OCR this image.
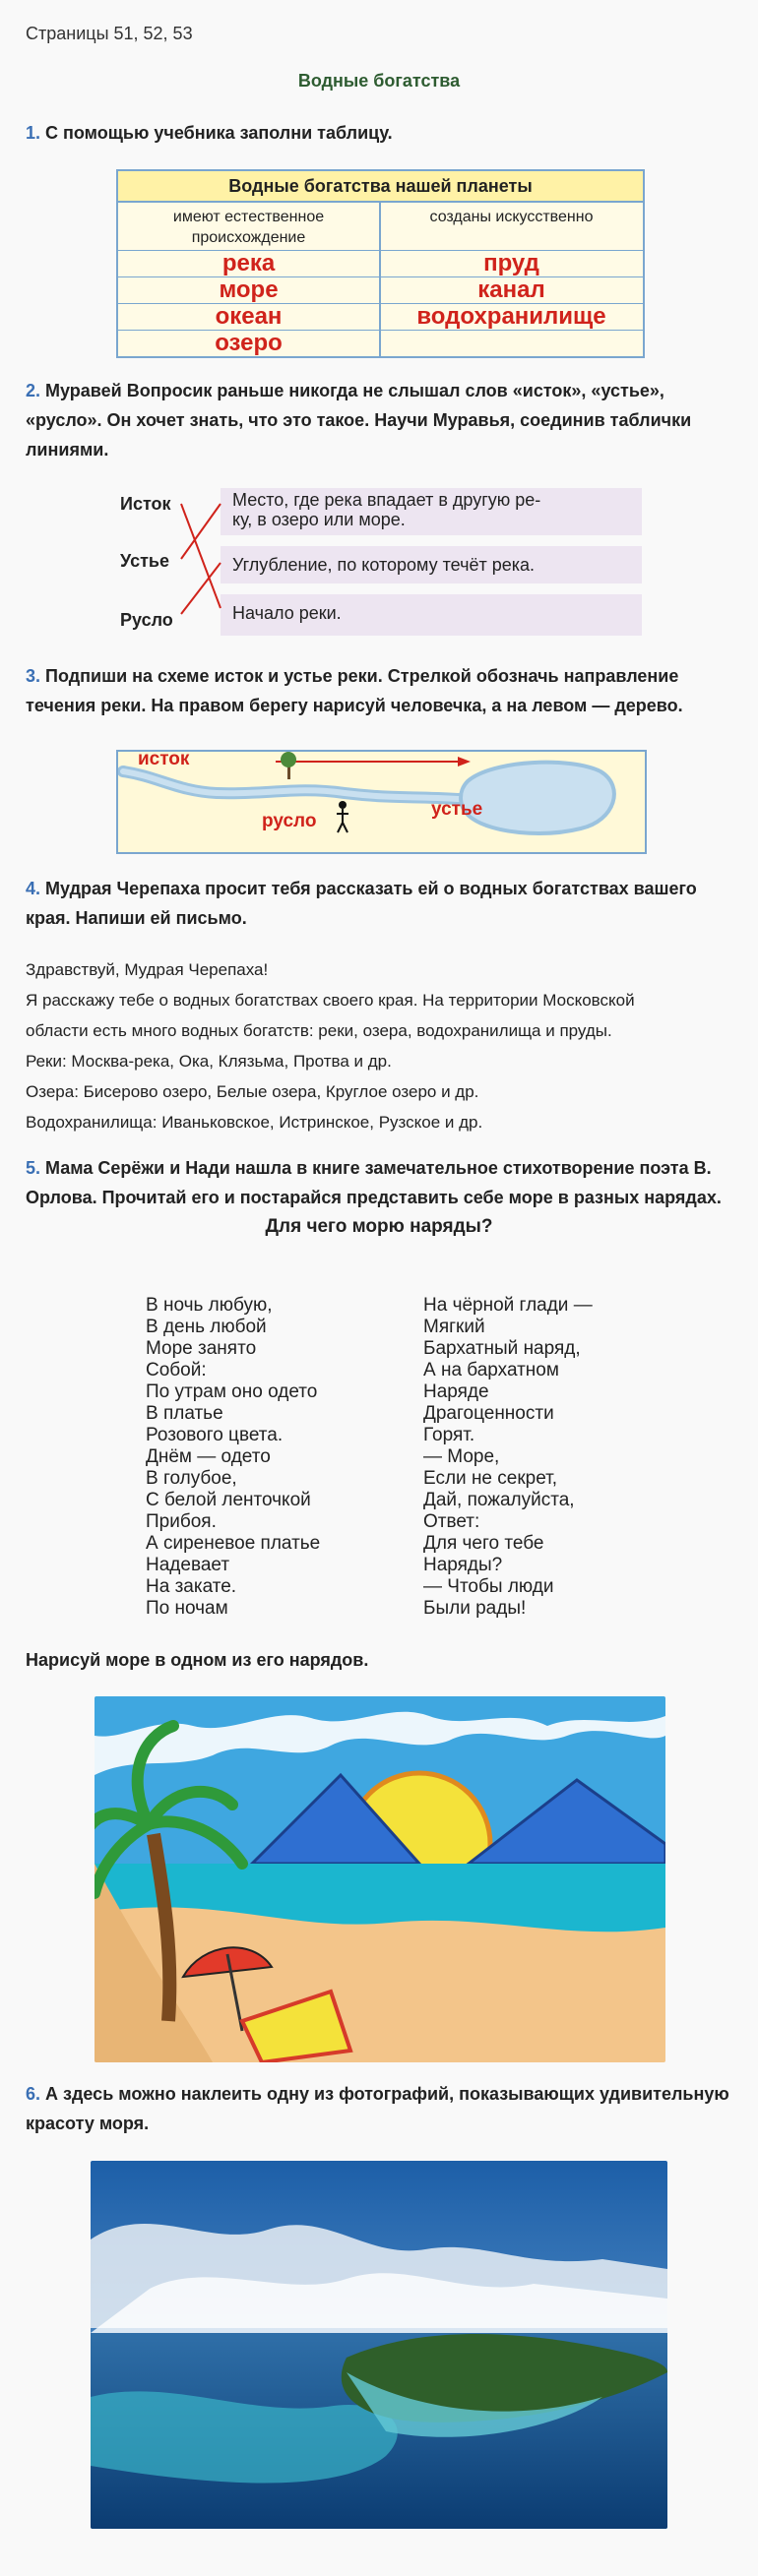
Страницы 51, 52, 53
Водные богатства
1. С помощью учебника заполни таблицу.
Водные богатства нашей планеты
имеют естественное происхождение
созданы искусственно
река
море
океан
озеро
пруд
канал
водохранилище
2. Муравей Вопросик раньше никогда не слышал слов «исток», «устье», «русло». Он хочет знать, что это такое. Научи Муравья, соединив таблички линиями.
Исток
Устье
Русло
Место, где река впадает в другую ре-
ку, в озеро или море.
Углубление, по которому течёт река.
Начало реки.
3. Подпиши на схеме исток и устье реки. Стрелкой обозначь направление течения реки. На правом берегу нарисуй человечка, а на левом — дерево.
исток
русло
устье
4. Мудрая Черепаха просит тебя рассказать ей о водных богатствах вашего края. Напиши ей письмо.
Здравствуй, Мудрая Черепаха!
Я расскажу тебе о водных богатствах своего края. На территории Московской
области есть много водных богатств: реки, озера, водохранилища и пруды.
Реки: Москва-река, Ока, Клязьма, Протва и др.
Озера: Бисерово озеро, Белые озера, Круглое озеро и др.
Водохранилища: Иваньковское, Истринское, Рузское и др.
5. Мама Серёжи и Нади нашла в книге замечательное стихотворение поэта В. Орлова. Прочитай его и постарайся представить себе море в разных нарядах.
Для чего морю наряды?
В ночь любую,
В день любой
Море занято
Собой:
По утрам оно одето
В платье
Розового цвета.
Днём — одето
В голубое,
С белой ленточкой
Прибоя.
А сиреневое платье
Надевает
На закате.
По ночам
На чёрной глади —
Мягкий
Бархатный наряд,
А на бархатном
Наряде
Драгоценности
Горят.
— Море,
Если не секрет,
Дай, пожалуйста,
Ответ:
Для чего тебе
Наряды?
— Чтобы люди
Были рады!
Нарисуй море в одном из его нарядов.
6. А здесь можно наклеить одну из фотографий, показывающих удивительную красоту моря.
